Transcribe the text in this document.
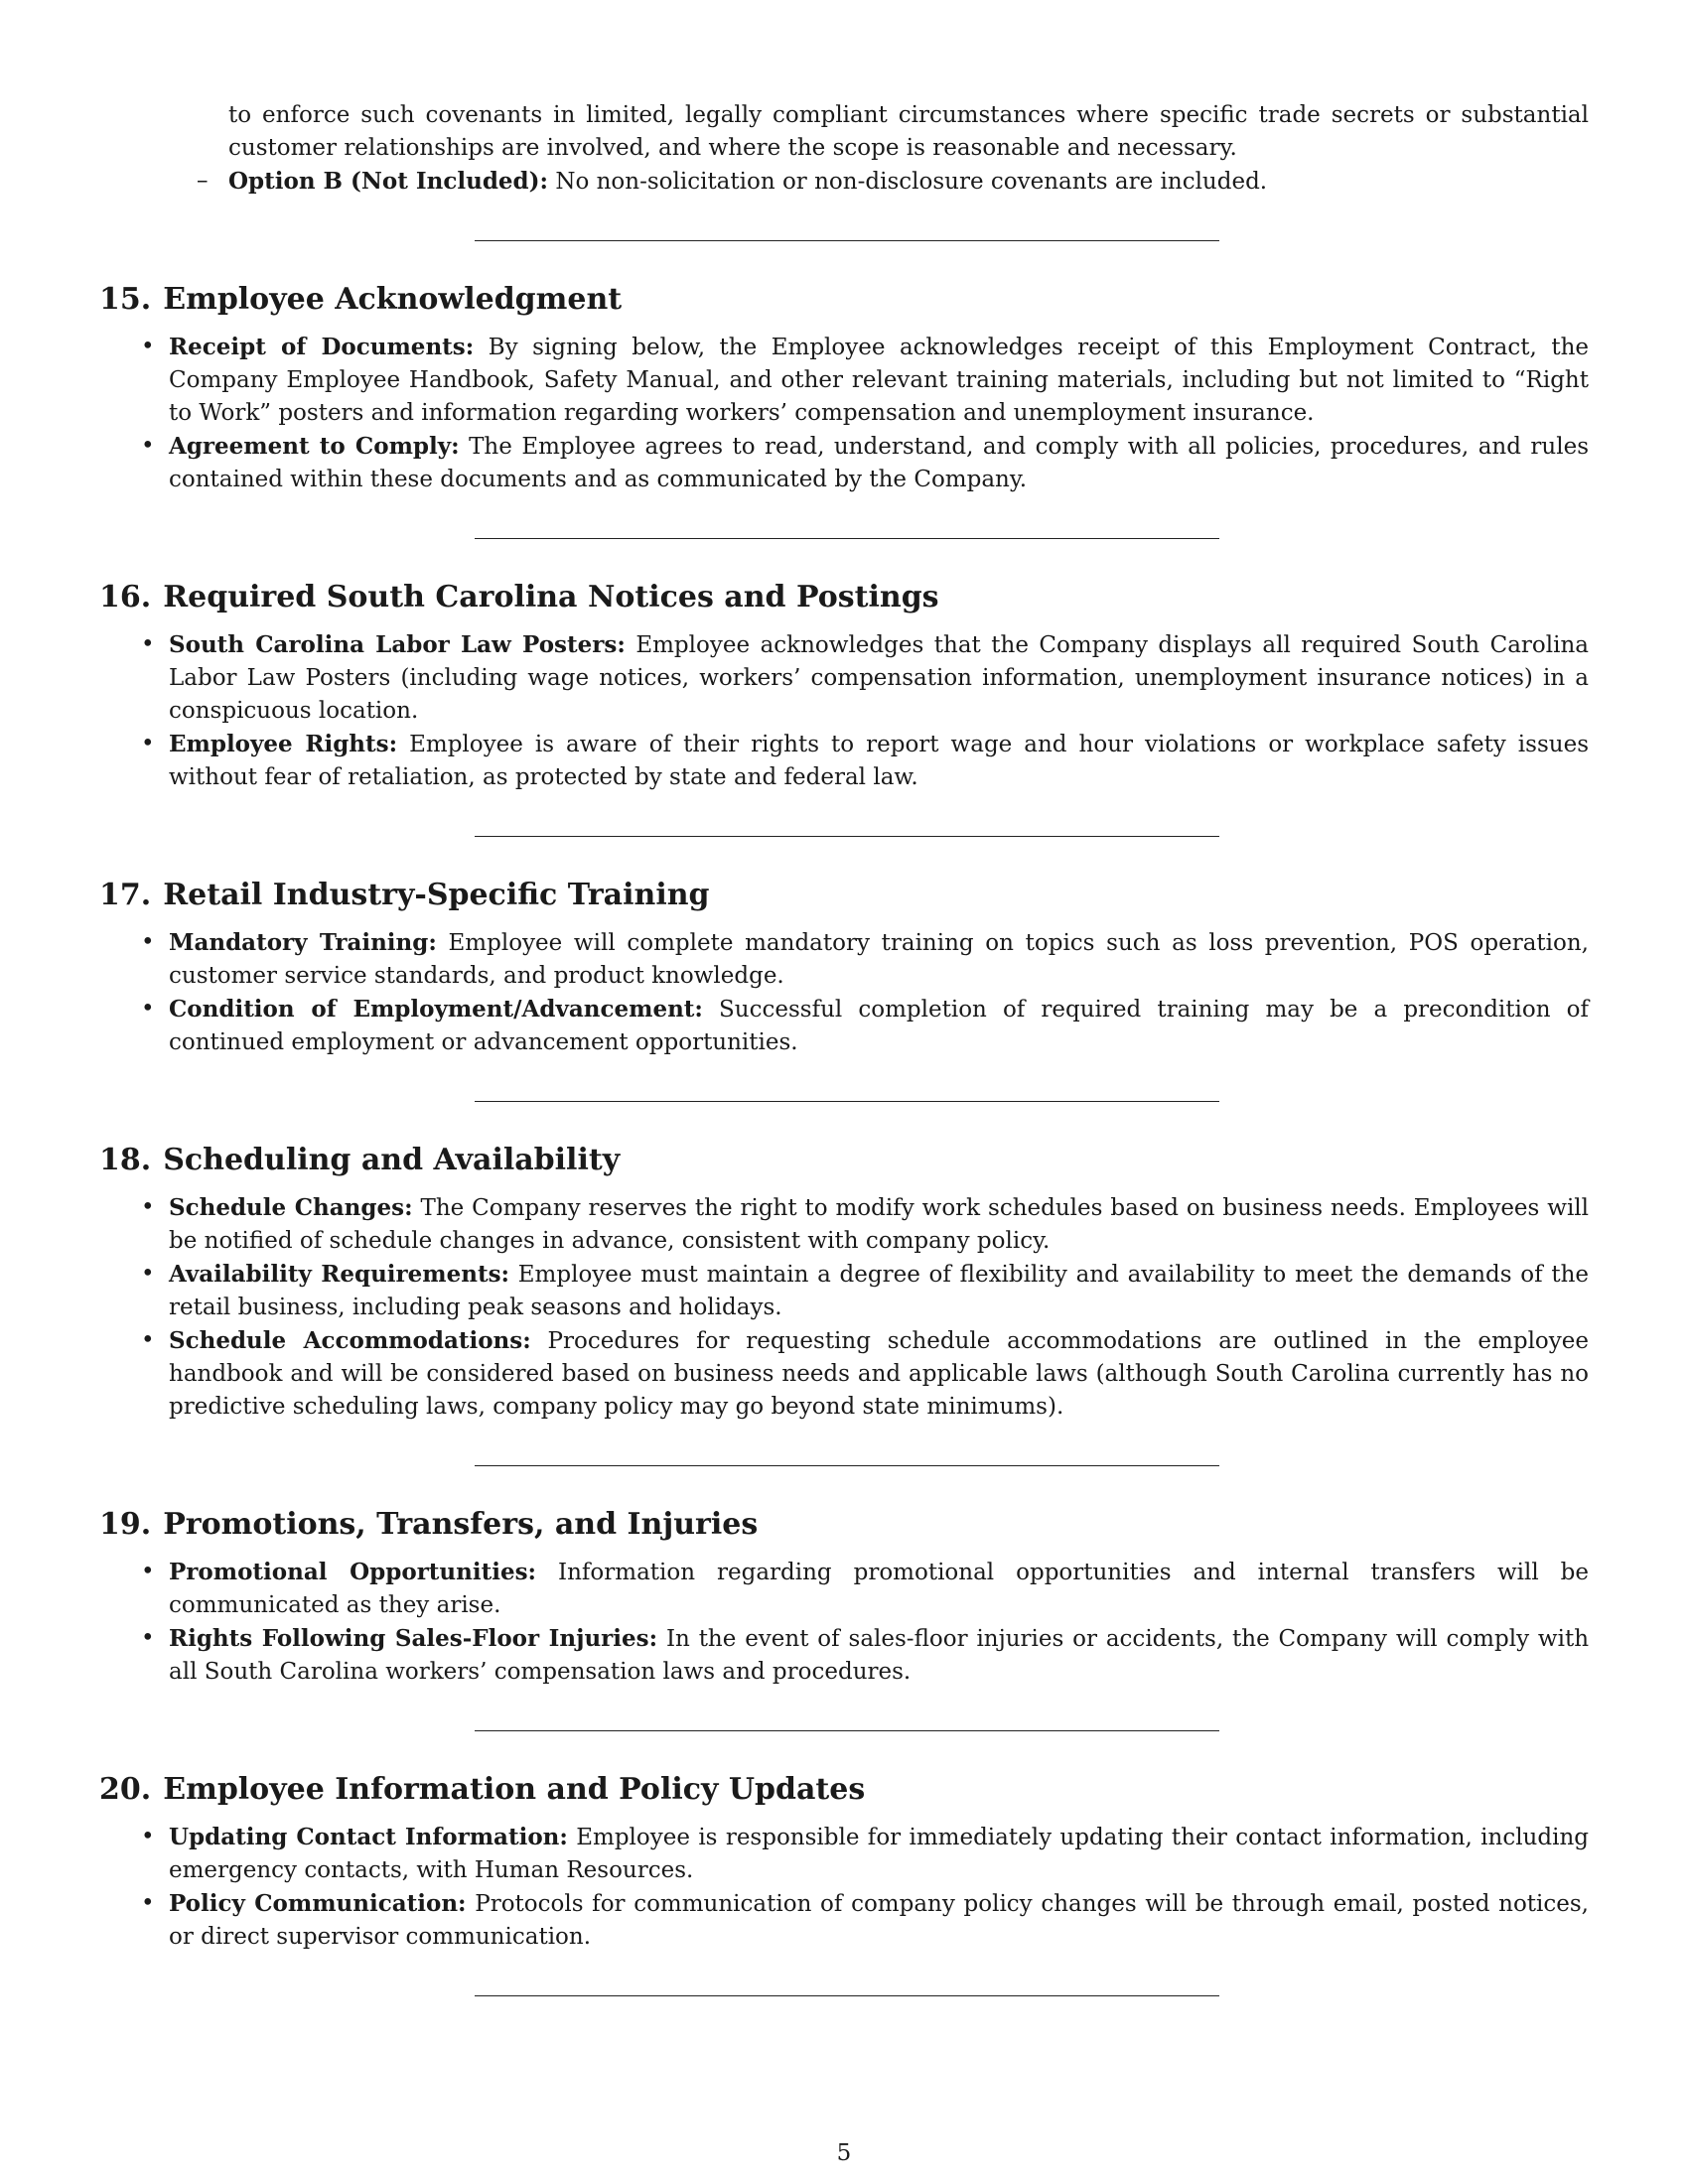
to enforce such covenants in limited, legally compliant circumstances where specific trade secrets or substantial customer relationships are involved, and where the scope is reasonable and necessary.

– Option B (Not Included): No non-solicitation or non-disclosure covenants are included.
15. Employee Acknowledgment
• Receipt of Documents: By signing below, the Employee acknowledges receipt of this Employment Contract, the Company Employee Handbook, Safety Manual, and other relevant training materials, including but not limited to “Right to Work” posters and information regarding workers’ compensation and unemployment insurance.
• Agreement to Comply: The Employee agrees to read, understand, and comply with all policies, procedures, and rules contained within these documents and as communicated by the Company.
16. Required South Carolina Notices and Postings
• South Carolina Labor Law Posters: Employee acknowledges that the Company displays all required South Carolina Labor Law Posters (including wage notices, workers’ compensation information, unemployment insurance notices) in a conspicuous location.
• Employee Rights: Employee is aware of their rights to report wage and hour violations or workplace safety issues without fear of retaliation, as protected by state and federal law.
17. Retail Industry-Specific Training
• Mandatory Training: Employee will complete mandatory training on topics such as loss prevention, POS operation, customer service standards, and product knowledge.
• Condition of Employment/Advancement: Successful completion of required training may be a precondition of continued employment or advancement opportunities.
18. Scheduling and Availability
• Schedule Changes: The Company reserves the right to modify work schedules based on business needs. Employees will be notified of schedule changes in advance, consistent with company policy.
• Availability Requirements: Employee must maintain a degree of flexibility and availability to meet the demands of the retail business, including peak seasons and holidays.
• Schedule Accommodations: Procedures for requesting schedule accommodations are outlined in the employee handbook and will be considered based on business needs and applicable laws (although South Carolina currently has no predictive scheduling laws, company policy may go beyond state minimums).
19. Promotions, Transfers, and Injuries
• Promotional Opportunities: Information regarding promotional opportunities and internal transfers will be communicated as they arise.
• Rights Following Sales-Floor Injuries: In the event of sales-floor injuries or accidents, the Company will comply with all South Carolina workers’ compensation laws and procedures.
20. Employee Information and Policy Updates
• Updating Contact Information: Employee is responsible for immediately updating their contact information, including emergency contacts, with Human Resources.
• Policy Communication: Protocols for communication of company policy changes will be through email, posted notices, or direct supervisor communication.
5
